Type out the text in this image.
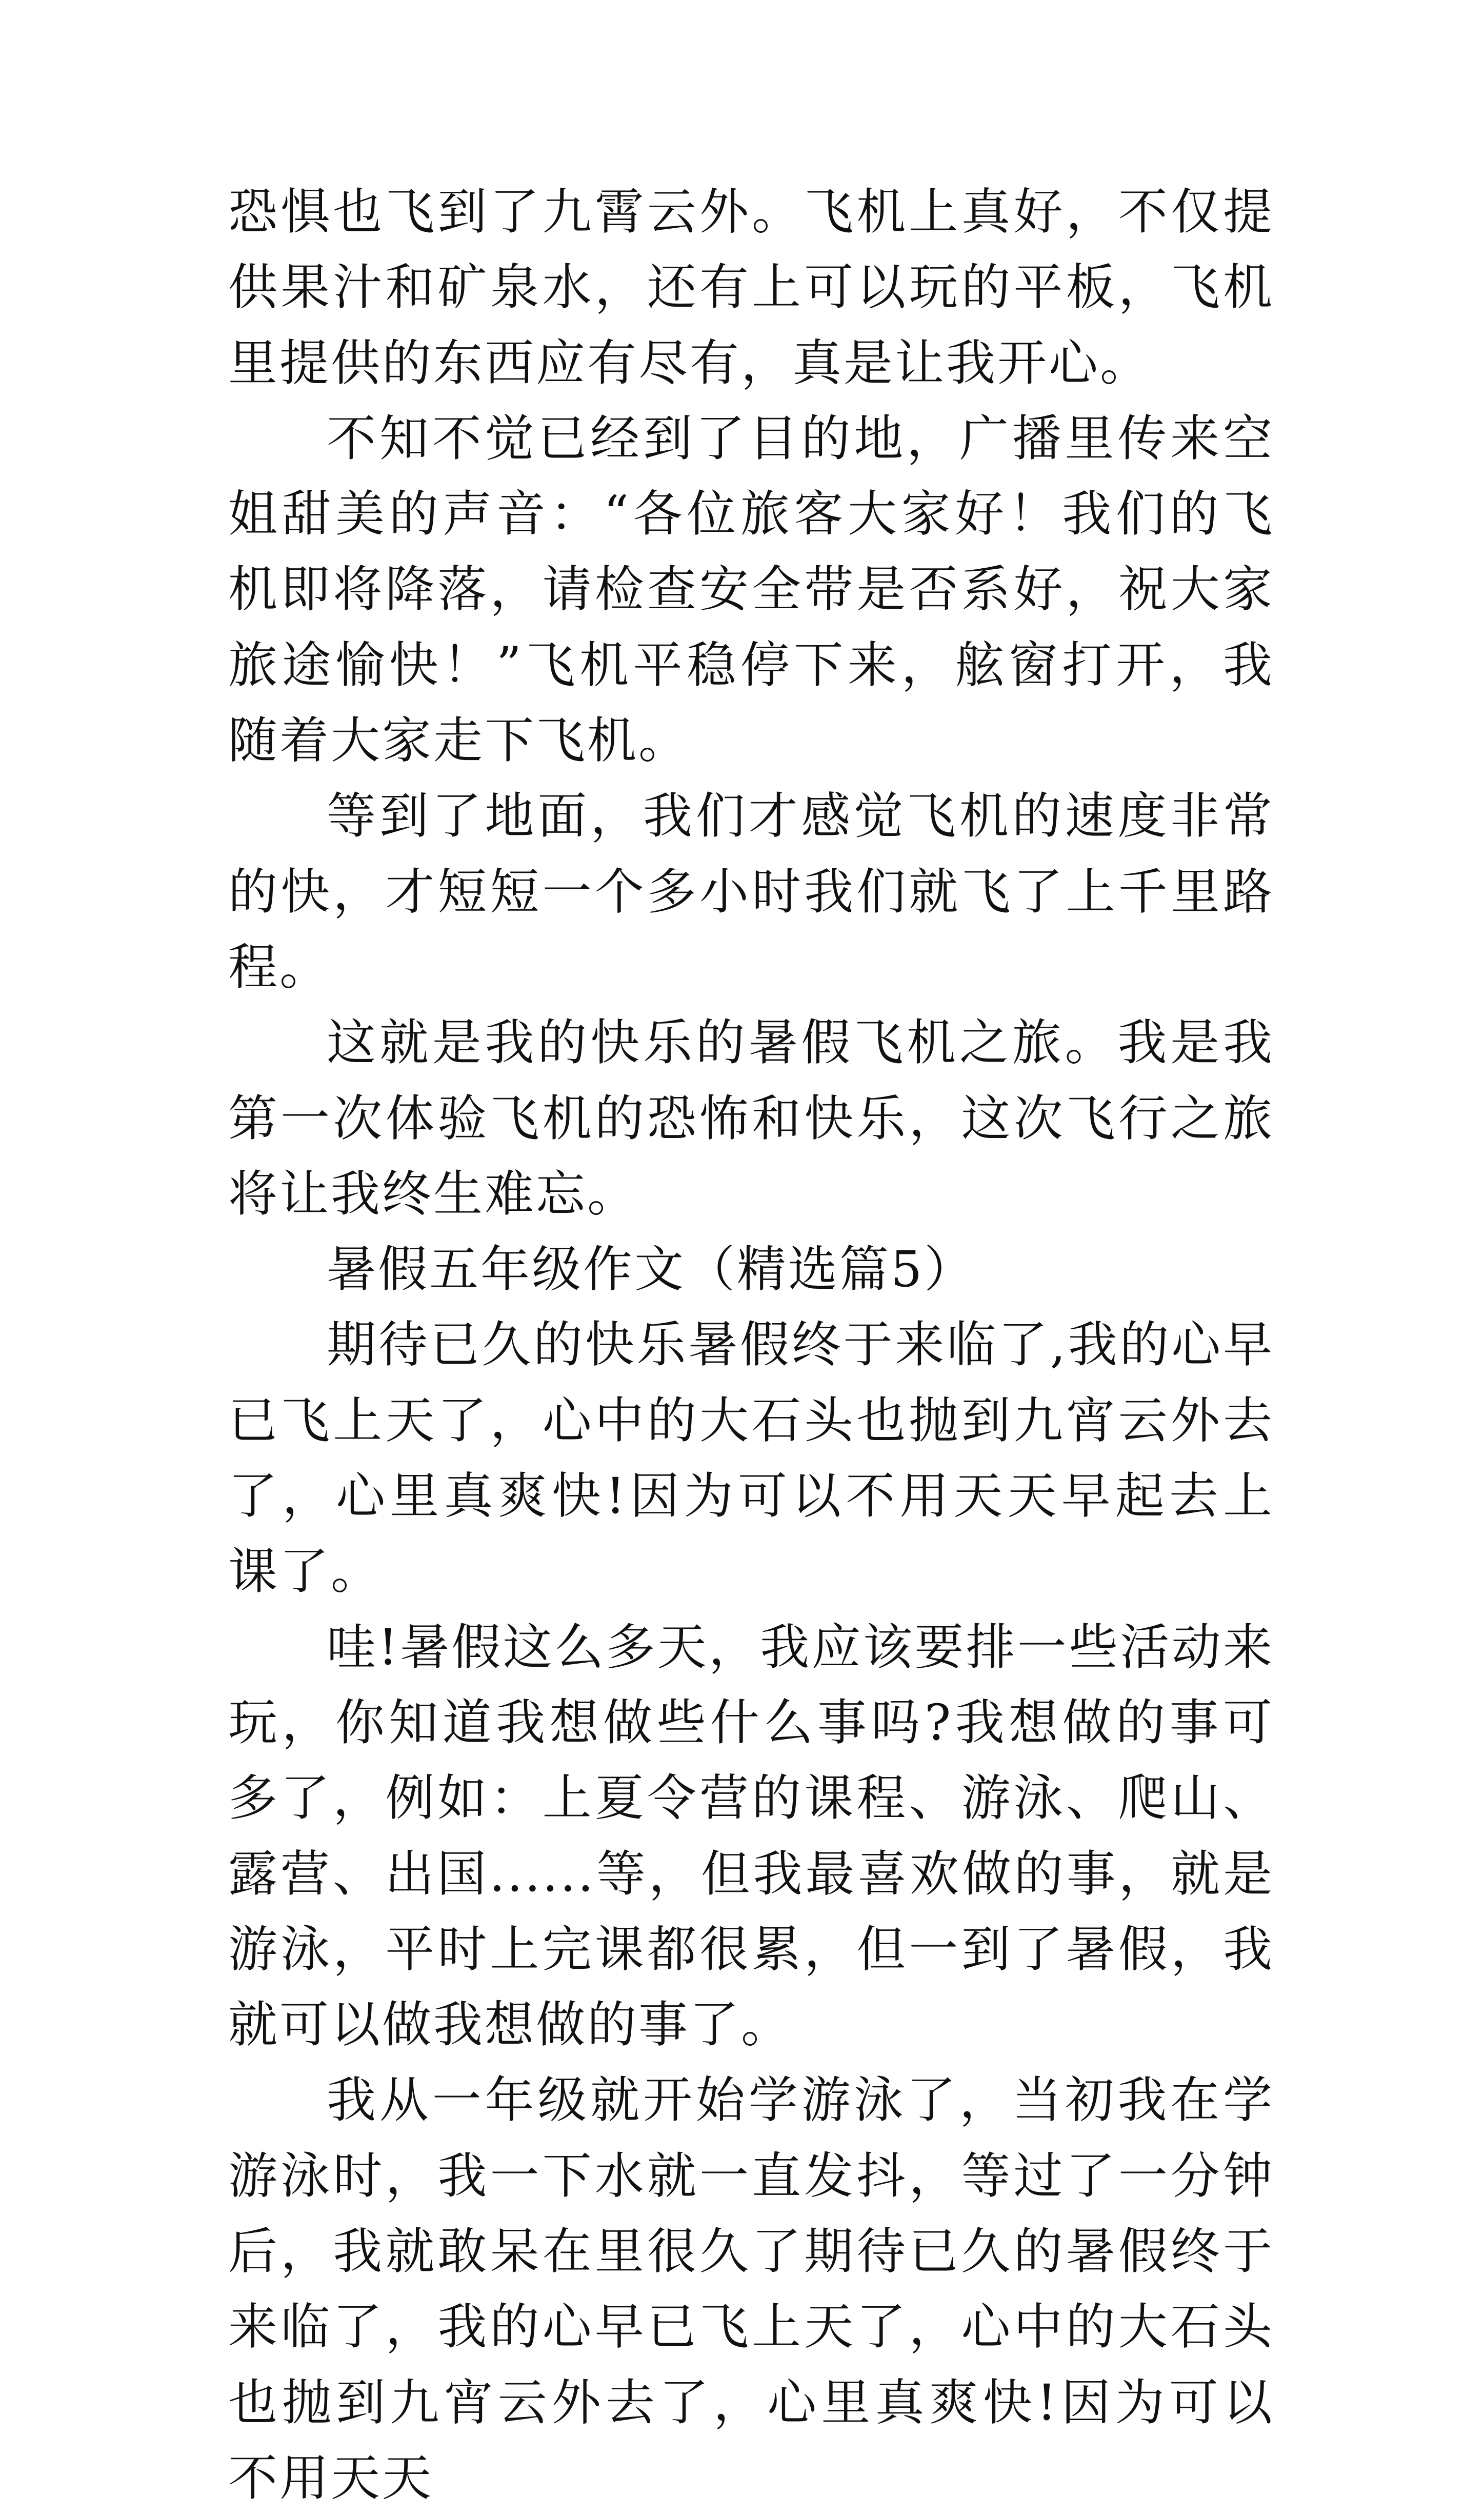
恐惧也飞到了九霄云外。飞机上真好，不仅提供果汁和矿泉水，还有上可以玩的平板，飞机里提供的东西应有尽有，真是让我开心。

不知不觉已经到了目的地，广播里传来空姐甜美的声音：“各位旅客大家好！我们的飞机即将降落，请检查安全带是否系好，祝大家旅途愉快！”飞机平稳停下来，舷窗打开，我随着大家走下飞机。

等到了地面，我们才感觉飞机的速度非常的快，才短短一个多小时我们就飞了上千里路程。

这就是我的快乐的暑假飞机之旅。我是我第一次体验飞机的恐怖和快乐，这次飞行之旅将让我终生难忘。

暑假五年级作文（精选篇5）

期待已久的快乐暑假终于来临了,我的心早已飞上天了，心中的大石头也抛到九宵云外去了，心里真爽快!因为可以不用天天早起去上课了。

哇!暑假这么多天，我应该要排一些活动来玩，你知道我想做些什么事吗?我想做的事可多了，例如：上夏令营的课程、游泳、爬山、露营、出国......等，但我最喜欢做的事，就是游泳，平时上完课都很累，但一到了暑假，我就可以做我想做的事了。

我从一年级就开始学游泳了，当初我在学游泳时，我一下水就一直发抖，等过了一分钟后，我就敢呆在里很久了期待已久的暑假终于来临了，我的心早已飞上天了，心中的大石头也抛到九宵云外去了，心里真爽快!因为可以不用天天
